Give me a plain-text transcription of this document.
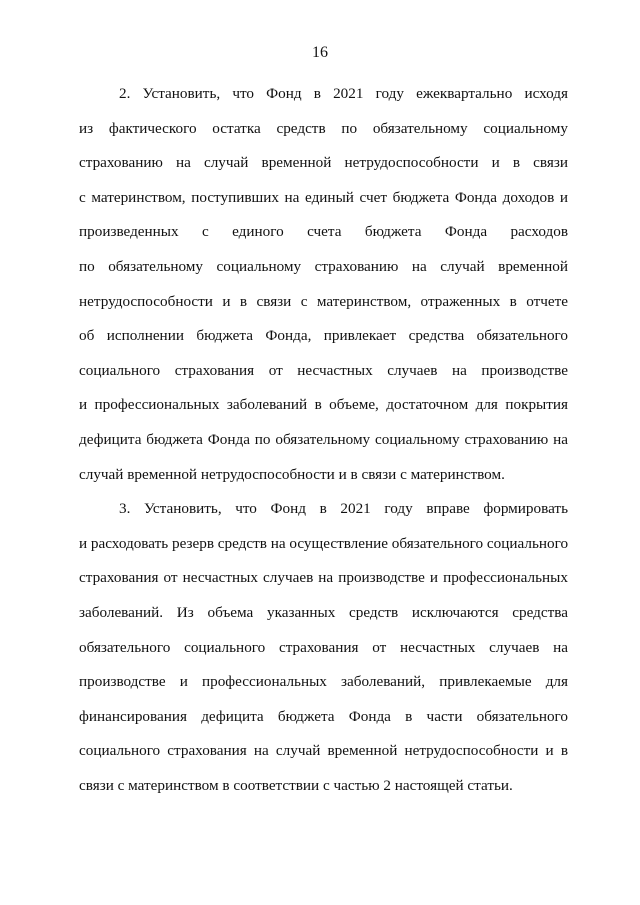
16
2. Установить, что Фонд в 2021 году ежеквартально исходя
из фактического остатка средств по обязательному социальному
страхованию на случай временной нетрудоспособности и в связи
с материнством, поступивших на единый счет бюджета Фонда доходов и
произведенных с единого счета бюджета Фонда расходов
по обязательному социальному страхованию на случай временной
нетрудоспособности и в связи с материнством, отраженных в отчете
об исполнении бюджета Фонда, привлекает средства обязательного
социального страхования от несчастных случаев на производстве
и профессиональных заболеваний в объеме, достаточном для покрытия
дефицита бюджета Фонда по обязательному социальному страхованию на
случай временной нетрудоспособности и в связи с материнством.
3. Установить, что Фонд в 2021 году вправе формировать
и расходовать резерв средств на осуществление обязательного социального
страхования от несчастных случаев на производстве и профессиональных
заболеваний. Из объема указанных средств исключаются средства
обязательного социального страхования от несчастных случаев на
производстве и профессиональных заболеваний, привлекаемые для
финансирования дефицита бюджета Фонда в части обязательного
социального страхования на случай временной нетрудоспособности и в
связи с материнством в соответствии с частью 2 настоящей статьи.
